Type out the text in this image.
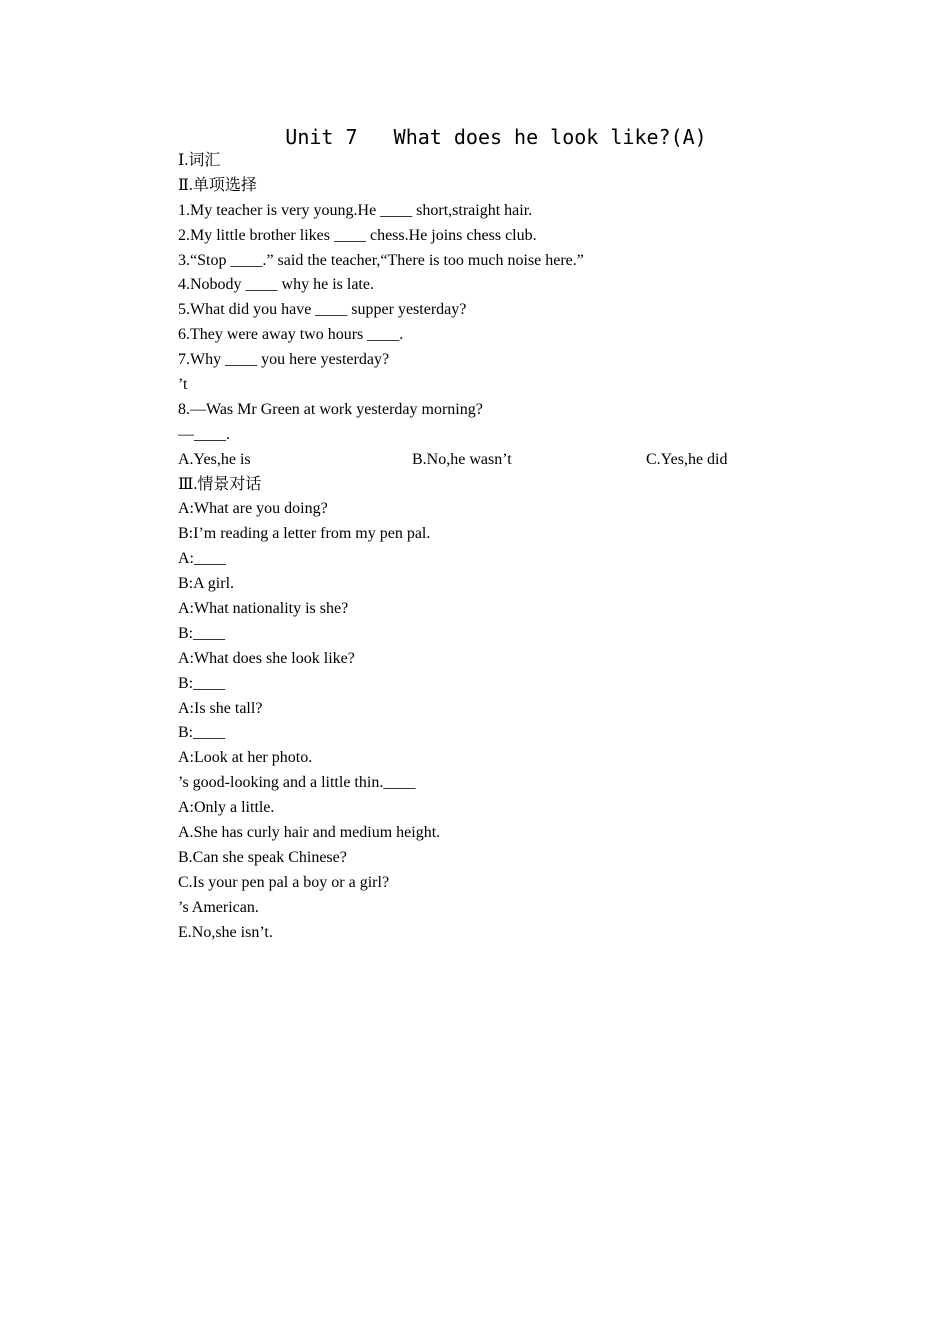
Unit 7   What does he look like?(A)
Ⅰ.词汇
Ⅱ.单项选择
1.My teacher is very young.He ____ short,straight hair.
2.My little brother likes ____ chess.He joins chess club.
3.“Stop ____.” said the teacher,“There is too much noise here.”
4.Nobody ____ why he is late.
5.What did you have ____ supper yesterday?
6.They were away two hours ____.
7.Why ____ you here yesterday?
’t
8.—Was Mr Green at work yesterday morning?
—____.

A.Yes,he is

	B.No,he wasn’t

	C.Yes,he did

Ⅲ.情景对话
A:What are you doing?
B:I’m reading a letter from my pen pal.
A:____
B:A girl.
A:What nationality is she?
B:____
A:What does she look like?
B:____
A:Is she tall?
B:____
A:Look at her photo.
’s good-looking and a little thin.____
A:Only a little.
A.She has curly hair and medium height.
B.Can she speak Chinese?
C.Is your pen pal a boy or a girl?
’s American.
E.No,she isn’t.
